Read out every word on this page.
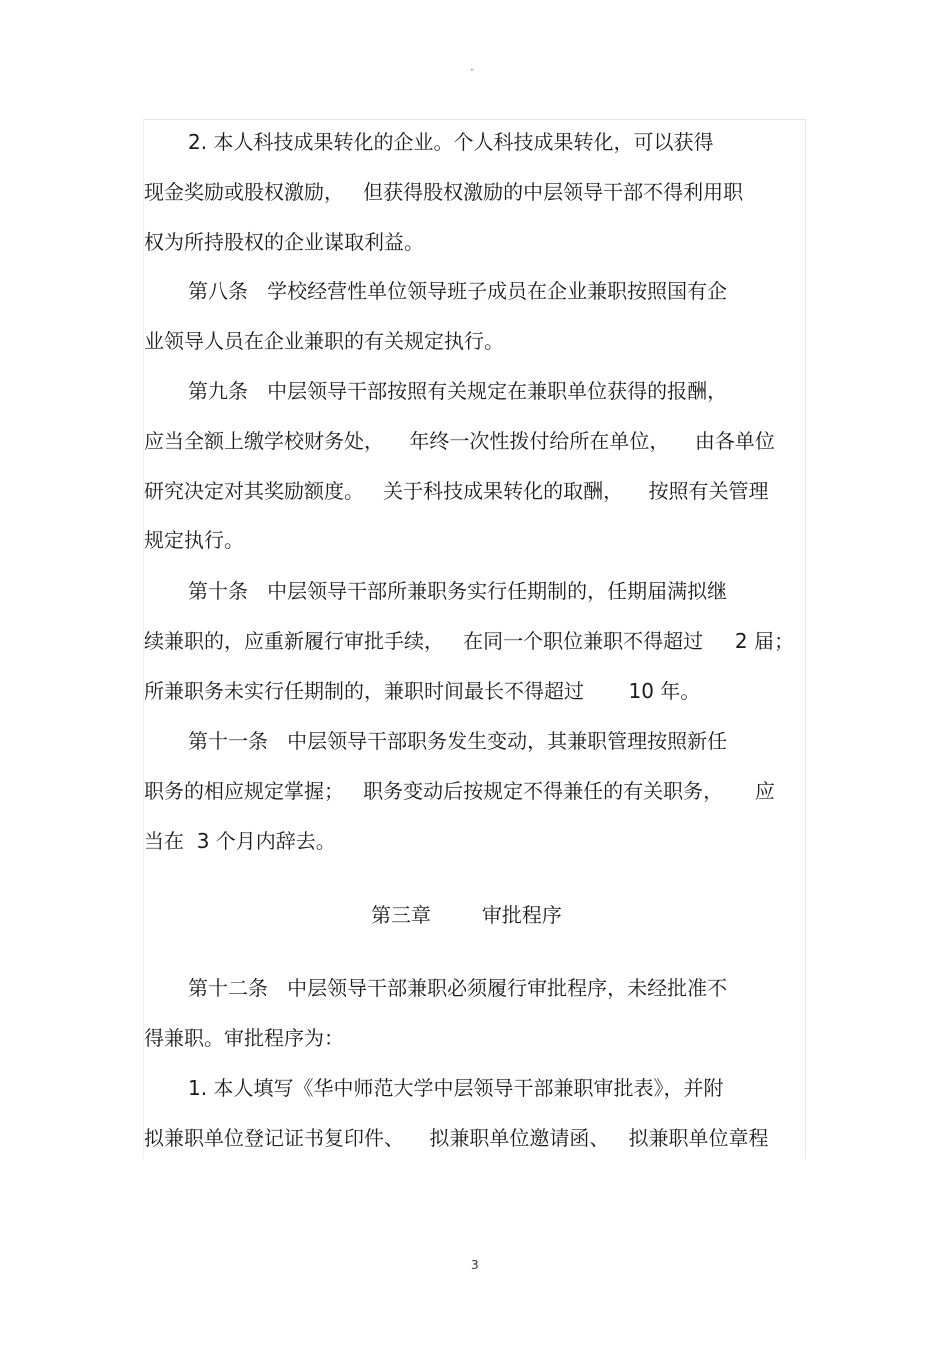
"

2. 本人科技成果转化的企业。个人科技成果转化，可以获得

现金奖励或股权激励，   但获得股权激励的中层领导干部不得利用职

权为所持股权的企业谋取利益。

第八条   学校经营性单位领导班子成员在企业兼职按照国有企

业领导人员在企业兼职的有关规定执行。

第九条   中层领导干部按照有关规定在兼职单位获得的报酬，

应当全额上缴学校财务处，    年终一次性拨付给所在单位，    由各单位

研究决定对其奖励额度。   关于科技成果转化的取酬，    按照有关管理

规定执行。

第十条   中层领导干部所兼职务实行任期制的，任期届满拟继

续兼职的，应重新履行审批手续，   在同一个职位兼职不得超过     2 届；

所兼职务未实行任期制的，兼职时间最长不得超过       10 年。

第十一条   中层领导干部职务发生变动，其兼职管理按照新任

职务的相应规定掌握；   职务变动后按规定不得兼任的有关职务，     应

当在  3 个月内辞去。

第三章        审批程序

第十二条   中层领导干部兼职必须履行审批程序，未经批准不

得兼职。审批程序为：

1. 本人填写《华中师范大学中层领导干部兼职审批表》，并附

拟兼职单位登记证书复印件、    拟兼职单位邀请函、   拟兼职单位章程

3
